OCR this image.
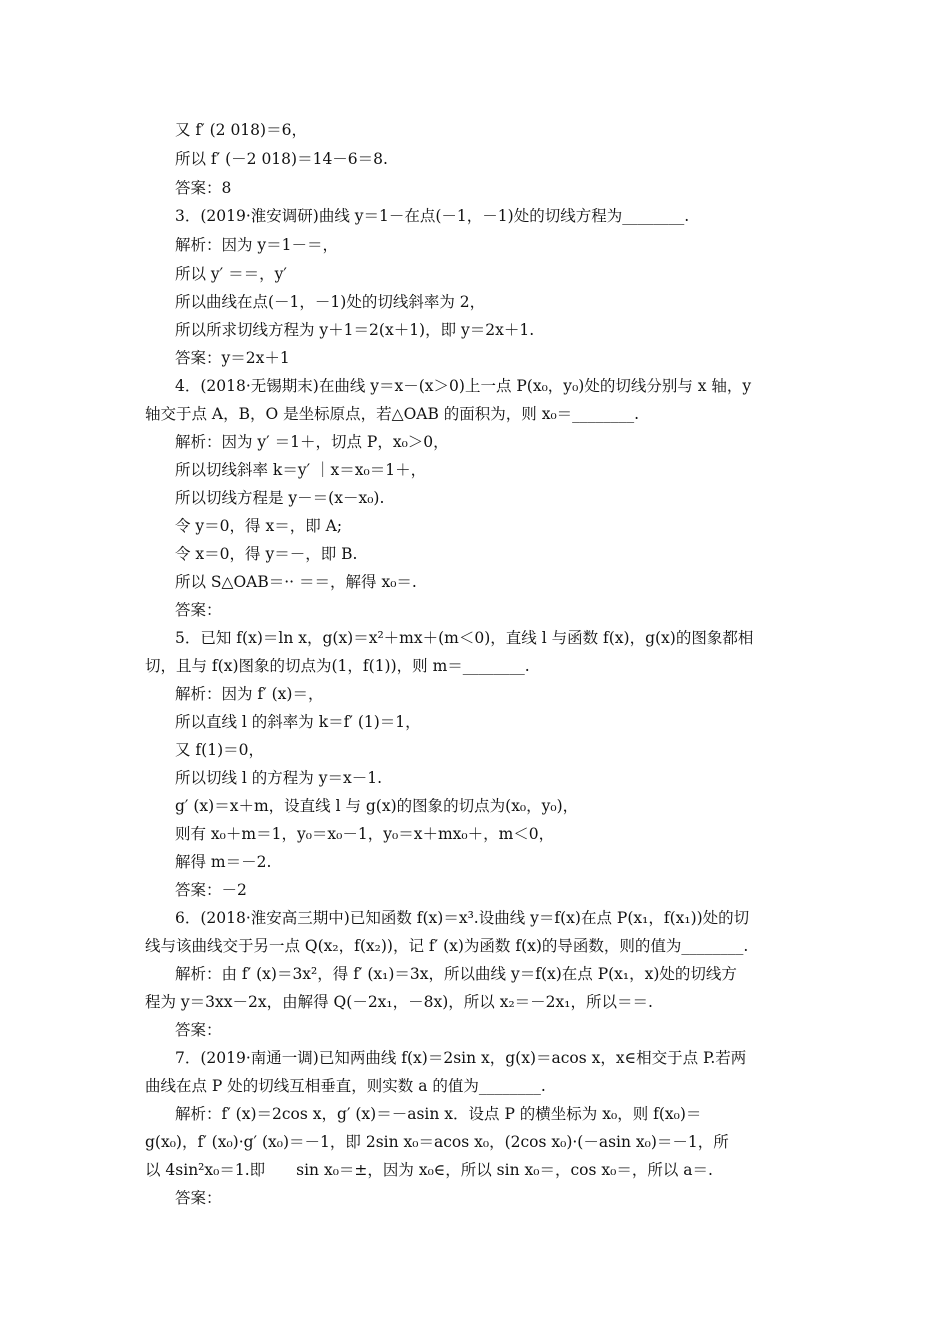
又 f′ (2 018)＝6，
所以 f′ (－2 018)＝14－6＝8.
答案：8
3．(2019·淮安调研)曲线 y＝1－在点(－1，－1)处的切线方程为________.
解析：因为 y＝1－＝，
所以 y′ ＝＝，y′
所以曲线在点(－1，－1)处的切线斜率为 2，
所以所求切线方程为 y＋1＝2(x＋1)，即 y＝2x＋1.
答案：y＝2x＋1
4．(2018·无锡期末)在曲线 y＝x－(x＞0)上一点 P(x₀，y₀)处的切线分别与 x 轴，y
轴交于点 A，B，O 是坐标原点，若△OAB 的面积为，则 x₀＝________.
解析：因为 y′ ＝1＋，切点 P，x₀＞0，
所以切线斜率 k＝y′ ｜x＝x₀＝1＋，
所以切线方程是 y－＝(x－x₀).
令 y＝0，得 x＝，即 A;
令 x＝0，得 y＝－，即 B.
所以 S△OAB＝·· ＝＝，解得 x₀＝.
答案：
5．已知 f(x)＝ln x，g(x)＝x²＋mx＋(m＜0)，直线 l 与函数 f(x)，g(x)的图象都相
切，且与 f(x)图象的切点为(1，f(1))，则 m＝________.
解析：因为 f′ (x)＝，
所以直线 l 的斜率为 k＝f′ (1)＝1，
又 f(1)＝0，
所以切线 l 的方程为 y＝x－1.
g′ (x)＝x＋m，设直线 l 与 g(x)的图象的切点为(x₀，y₀)，
则有 x₀＋m＝1，y₀＝x₀－1，y₀＝x＋mx₀＋，m＜0，
解得 m＝－2.
答案：－2
6．(2018·淮安高三期中)已知函数 f(x)＝x³.设曲线 y＝f(x)在点 P(x₁，f(x₁))处的切
线与该曲线交于另一点 Q(x₂，f(x₂))，记 f′ (x)为函数 f(x)的导函数，则的值为________.
解析：由 f′ (x)＝3x²，得 f′ (x₁)＝3x，所以曲线 y＝f(x)在点 P(x₁，x)处的切线方
程为 y＝3xx－2x，由解得 Q(－2x₁，－8x)，所以 x₂＝－2x₁，所以＝＝.
答案：
7．(2019·南通一调)已知两曲线 f(x)＝2sin x，g(x)＝acos x，x∈相交于点 P.若两
曲线在点 P 处的切线互相垂直，则实数 a 的值为________.
解析：f′ (x)＝2cos x，g′ (x)＝－asin x．设点 P 的横坐标为 x₀，则 f(x₀)＝
g(x₀)，f′ (x₀)·g′ (x₀)＝－1，即 2sin x₀＝acos x₀，(2cos x₀)·(－asin x₀)＝－1，所
以 4sin²x₀＝1.即　　sin x₀＝±，因为 x₀∈，所以 sin x₀＝，cos x₀＝，所以 a＝.
答案：
